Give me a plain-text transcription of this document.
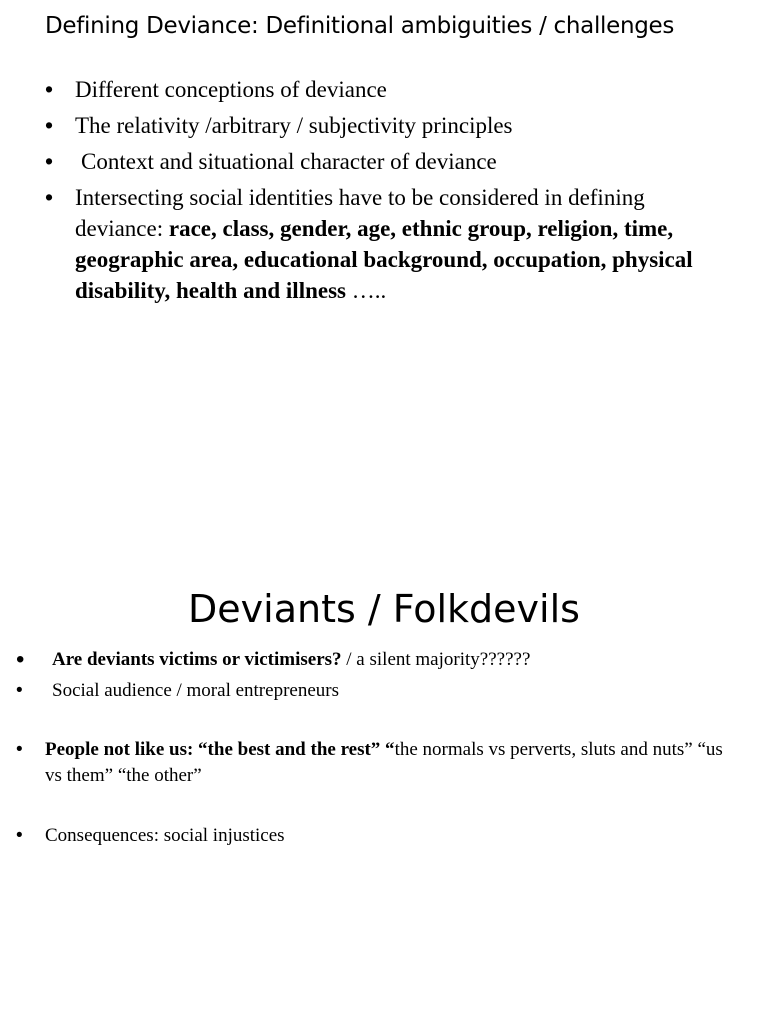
Defining Deviance: Definitional ambiguities / challenges
• Different conceptions of deviance
• The relativity /arbitrary / subjectivity principles
• Context and situational character of deviance
• Intersecting social identities have to be considered in defining deviance: race, class, gender, age, ethnic group, religion, time, geographic area, educational background, occupation, physical disability, health and illness …..
Deviants / Folkdevils
• Are deviants victims or victimisers? / a silent majority??????
• Social audience / moral entrepreneurs
• People not like us: “the best and the rest” “the normals vs perverts, sluts and nuts” “us vs them” “the other”
• Consequences: social injustices
